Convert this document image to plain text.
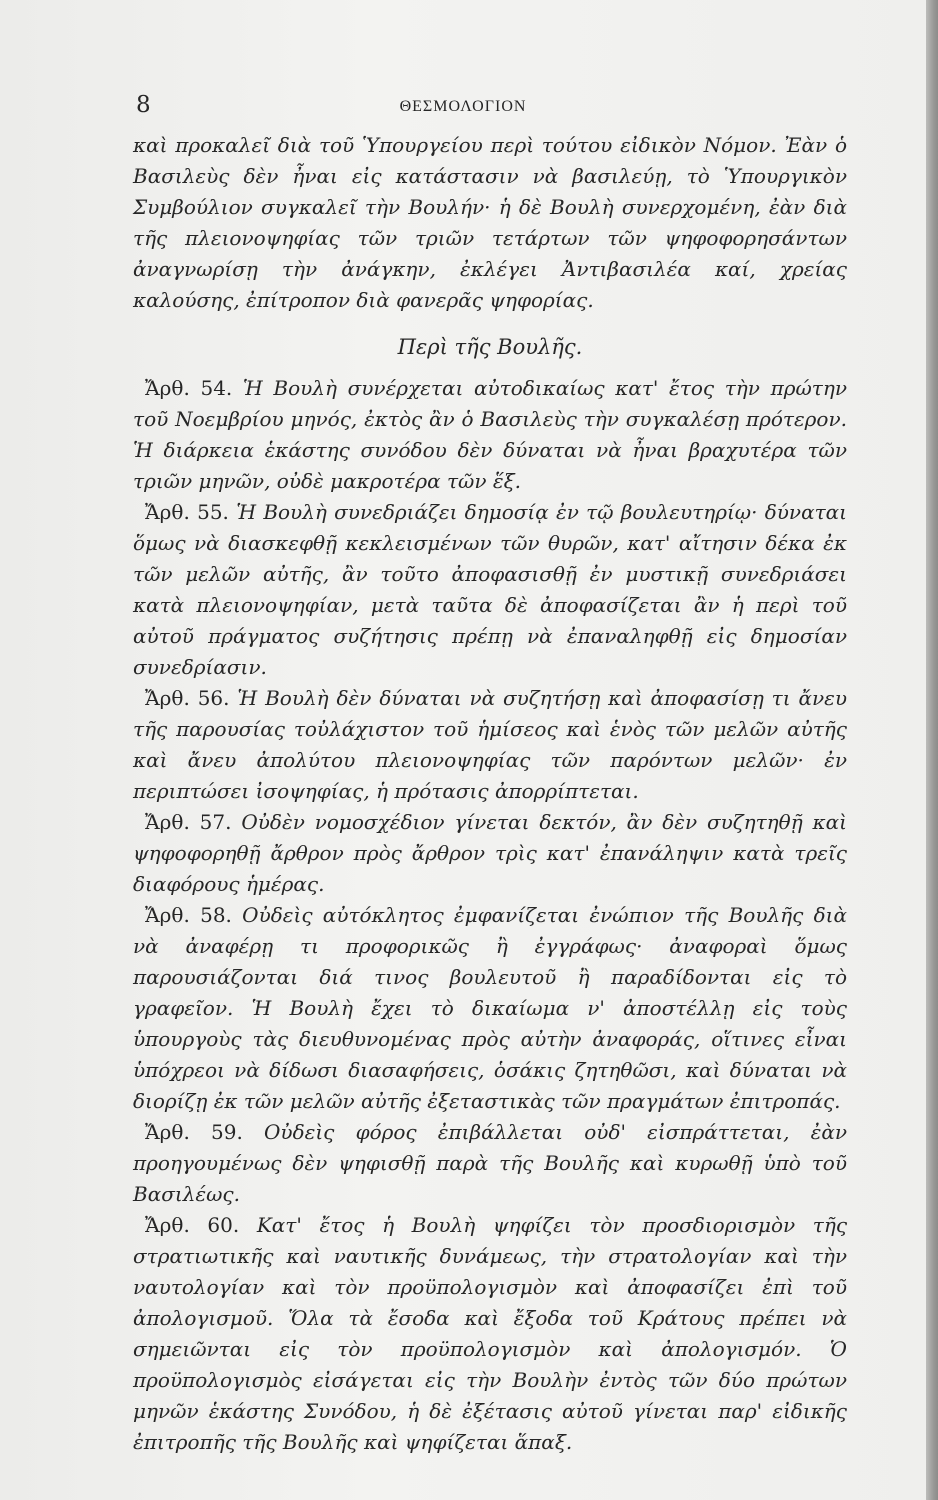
8	ΘΕΣΜΟΛΟΓΙΟΝ

καὶ προκαλεῖ διὰ τοῦ Ὑπουργείου περὶ τούτου εἰδικὸν Νόμον. Ἐὰν ὁ Βασιλεὺς δὲν ἦναι εἰς κατάστασιν νὰ βασιλεύῃ, τὸ Ὑπουργικὸν Συμβούλιον συγκαλεῖ τὴν Βουλήν· ἡ δὲ Βουλὴ συνερχομένη, ἐὰν διὰ τῆς πλειονοψηφίας τῶν τριῶν τετάρτων τῶν ψηφοφορησάντων ἀναγνωρίσῃ τὴν ἀνάγκην, ἐκλέγει Ἀντιβασιλέα καί, χρείας καλούσης, ἐπίτροπον διὰ φανερᾶς ψηφορίας.

Περὶ τῆς Βουλῆς.

Ἄρθ. 54. Ἡ Βουλὴ συνέρχεται αὐτοδικαίως κατ' ἔτος τὴν πρώτην τοῦ Νοεμβρίου μηνός, ἐκτὸς ἂν ὁ Βασιλεὺς τὴν συγκαλέσῃ πρότερον. Ἡ διάρκεια ἑκάστης συνόδου δὲν δύναται νὰ ἦναι βραχυτέρα τῶν τριῶν μηνῶν, οὐδὲ μακροτέρα τῶν ἕξ.

Ἄρθ. 55. Ἡ Βουλὴ συνεδριάζει δημοσίᾳ ἐν τῷ βουλευτηρίῳ· δύναται ὅμως νὰ διασκεφθῇ κεκλεισμένων τῶν θυρῶν, κατ' αἴτησιν δέκα ἐκ τῶν μελῶν αὐτῆς, ἂν τοῦτο ἀποφασισθῇ ἐν μυστικῇ συνεδριάσει κατὰ πλειονοψηφίαν, μετὰ ταῦτα δὲ ἀποφασίζεται ἂν ἡ περὶ τοῦ αὐτοῦ πράγματος συζήτησις πρέπῃ νὰ ἐπαναληφθῇ εἰς δημοσίαν συνεδρίασιν.

Ἄρθ. 56. Ἡ Βουλὴ δὲν δύναται νὰ συζητήσῃ καὶ ἀποφασίσῃ τι ἄνευ τῆς παρουσίας τοὐλάχιστον τοῦ ἡμίσεος καὶ ἑνὸς τῶν μελῶν αὐτῆς καὶ ἄνευ ἀπολύτου πλειονοψηφίας τῶν παρόντων μελῶν· ἐν περιπτώσει ἰσοψηφίας, ἡ πρότασις ἀπορρίπτεται.

Ἄρθ. 57. Οὐδὲν νομοσχέδιον γίνεται δεκτόν, ἂν δὲν συζητηθῇ καὶ ψηφοφορηθῇ ἄρθρον πρὸς ἄρθρον τρὶς κατ' ἐπανάληψιν κατὰ τρεῖς διαφόρους ἡμέρας.

Ἄρθ. 58. Οὐδεὶς αὐτόκλητος ἐμφανίζεται ἐνώπιον τῆς Βουλῆς διὰ νὰ ἀναφέρῃ τι προφορικῶς ἢ ἐγγράφως· ἀναφοραὶ ὅμως παρουσιάζονται διά τινος βουλευτοῦ ἢ παραδίδονται εἰς τὸ γραφεῖον. Ἡ Βουλὴ ἔχει τὸ δικαίωμα ν' ἀποστέλλῃ εἰς τοὺς ὑπουργοὺς τὰς διευθυνομένας πρὸς αὐτὴν ἀναφοράς, οἵτινες εἶναι ὑπόχρεοι νὰ δίδωσι διασαφήσεις, ὁσάκις ζητηθῶσι, καὶ δύναται νὰ διορίζῃ ἐκ τῶν μελῶν αὐτῆς ἐξεταστικὰς τῶν πραγμάτων ἐπιτροπάς.

Ἄρθ. 59. Οὐδεὶς φόρος ἐπιβάλλεται οὐδ' εἰσπράττεται, ἐὰν προηγουμένως δὲν ψηφισθῇ παρὰ τῆς Βουλῆς καὶ κυρωθῇ ὑπὸ τοῦ Βασιλέως.

Ἄρθ. 60. Κατ' ἔτος ἡ Βουλὴ ψηφίζει τὸν προσδιορισμὸν τῆς στρατιωτικῆς καὶ ναυτικῆς δυνάμεως, τὴν στρατολογίαν καὶ τὴν ναυτολογίαν καὶ τὸν προϋπολογισμὸν καὶ ἀποφασίζει ἐπὶ τοῦ ἀπολογισμοῦ. Ὅλα τὰ ἔσοδα καὶ ἔξοδα τοῦ Κράτους πρέπει νὰ σημειῶνται εἰς τὸν προϋπολογισμὸν καὶ ἀπολογισμόν. Ὁ προϋπολογισμὸς εἰσάγεται εἰς τὴν Βουλὴν ἐντὸς τῶν δύο πρώτων μηνῶν ἑκάστης Συνόδου, ἡ δὲ ἐξέτασις αὐτοῦ γίνεται παρ' εἰδικῆς ἐπιτροπῆς τῆς Βουλῆς καὶ ψηφίζεται ἅπαξ.
